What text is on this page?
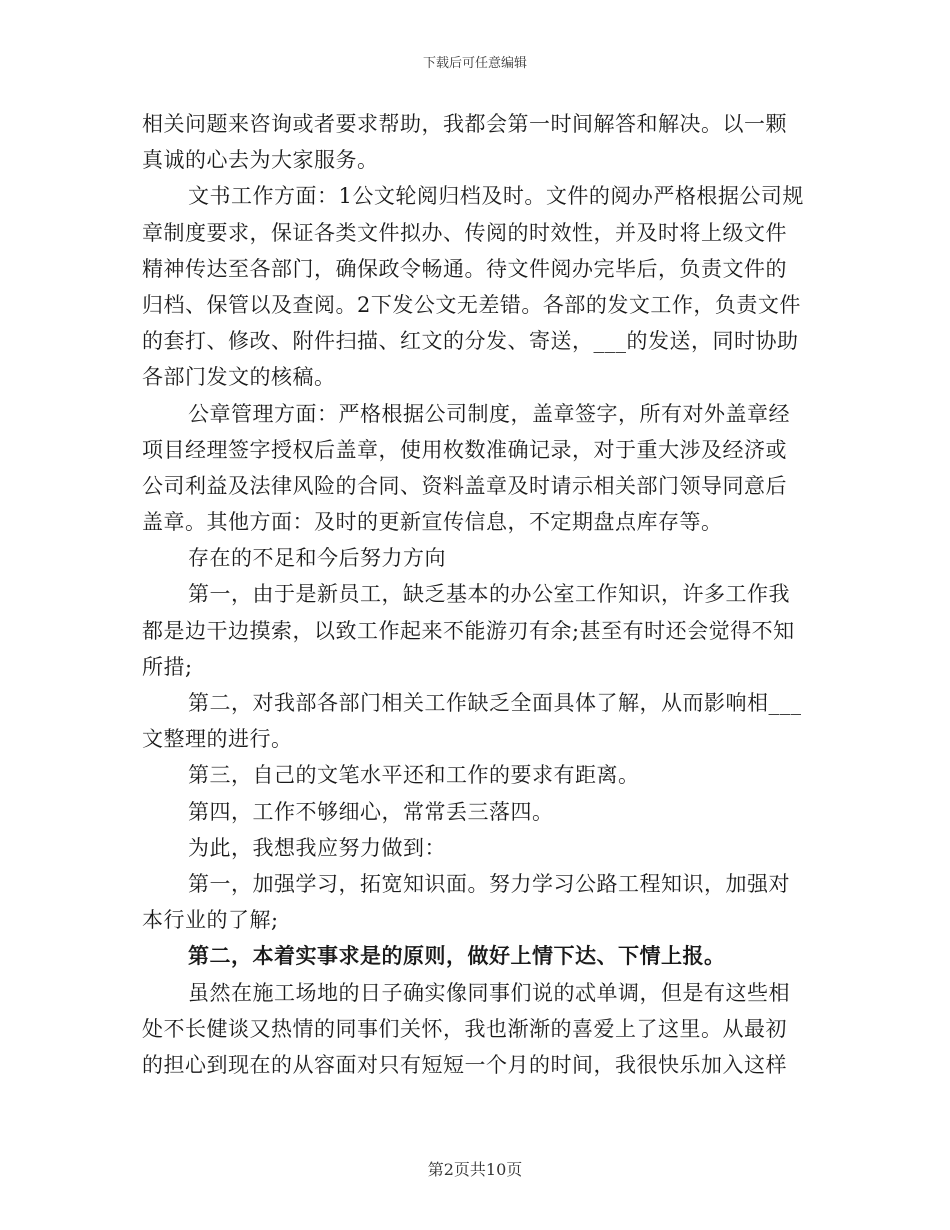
下载后可任意编辑
相关问题来咨询或者要求帮助，我都会第一时间解答和解决。以一颗
真诚的心去为大家服务。
文书工作方面：1公文轮阅归档及时。文件的阅办严格根据公司规
章制度要求，保证各类文件拟办、传阅的时效性，并及时将上级文件
精神传达至各部门，确保政令畅通。待文件阅办完毕后，负责文件的
归档、保管以及查阅。2下发公文无差错。各部的发文工作，负责文件
的套打、修改、附件扫描、红文的分发、寄送，___的发送，同时协助
各部门发文的核稿。
公章管理方面：严格根据公司制度，盖章签字，所有对外盖章经
项目经理签字授权后盖章，使用枚数准确记录，对于重大涉及经济或
公司利益及法律风险的合同、资料盖章及时请示相关部门领导同意后
盖章。其他方面：及时的更新宣传信息，不定期盘点库存等。
存在的不足和今后努力方向
第一，由于是新员工，缺乏基本的办公室工作知识，许多工作我
都是边干边摸索，以致工作起来不能游刃有余;甚至有时还会觉得不知
所措;
第二，对我部各部门相关工作缺乏全面具体了解，从而影响相___
文整理的进行。
第三，自己的文笔水平还和工作的要求有距离。
第四，工作不够细心，常常丢三落四。
为此，我想我应努力做到：
第一，加强学习，拓宽知识面。努力学习公路工程知识，加强对
本行业的了解;
第二，本着实事求是的原则，做好上情下达、下情上报。
虽然在施工场地的日子确实像同事们说的忒单调，但是有这些相
处不长健谈又热情的同事们关怀，我也渐渐的喜爱上了这里。从最初
的担心到现在的从容面对只有短短一个月的时间，我很快乐加入这样
第2页共10页
